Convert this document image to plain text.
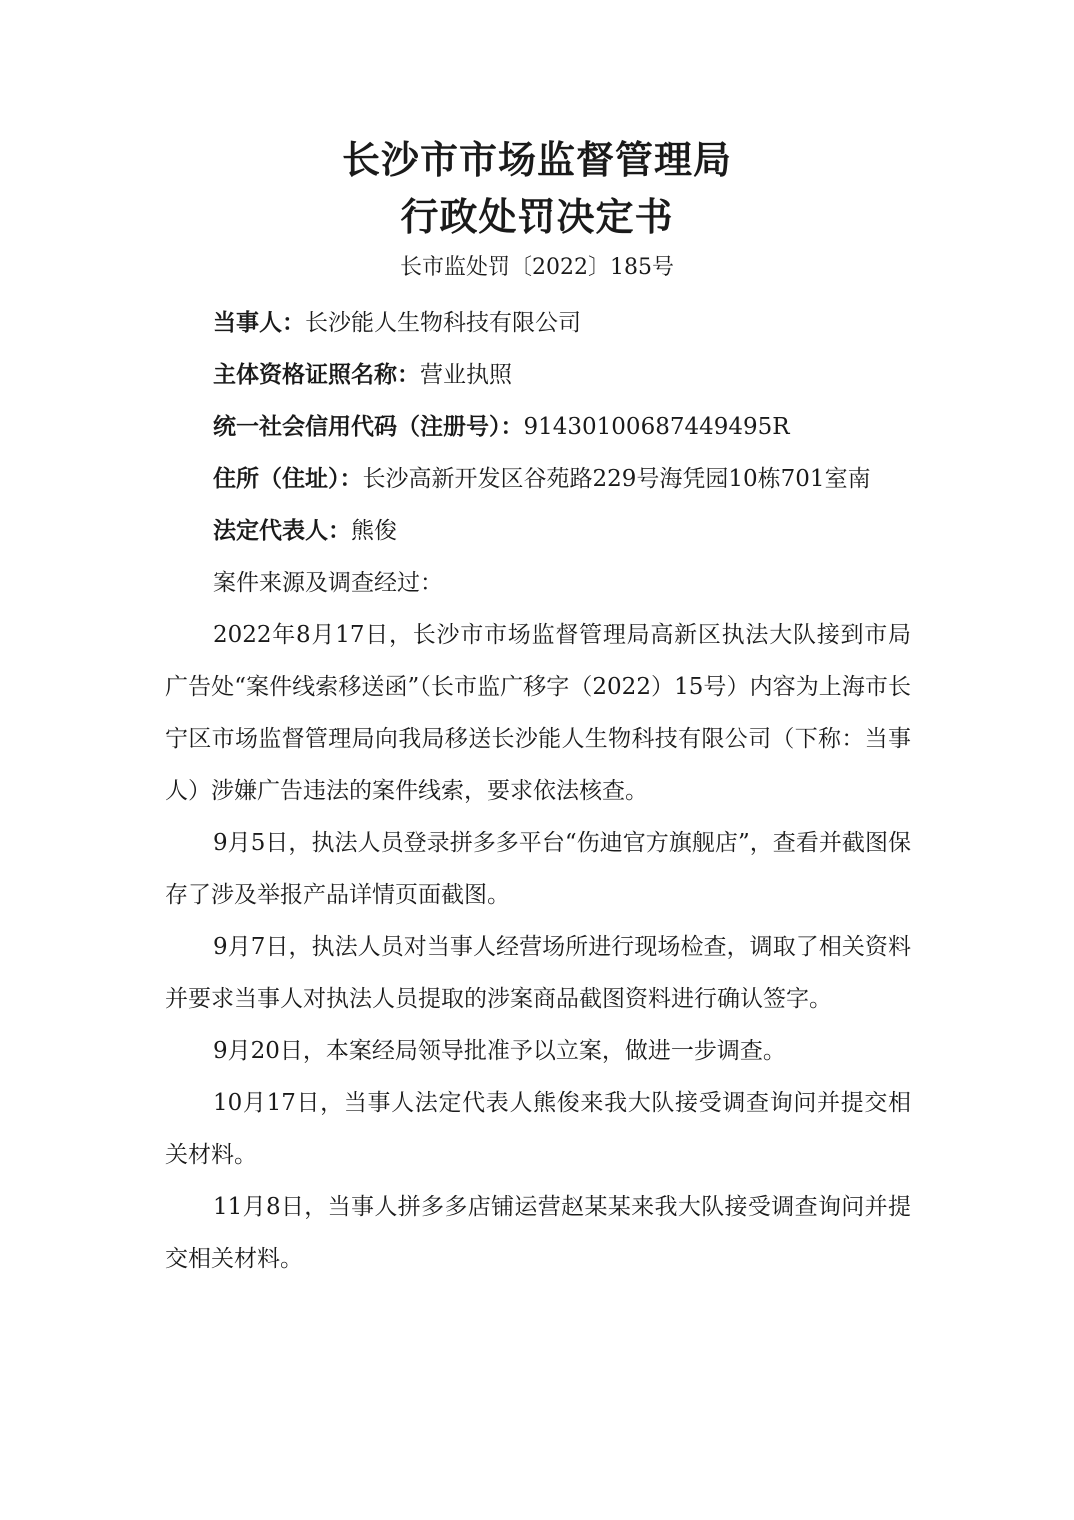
长沙市市场监督管理局
行政处罚决定书
长市监处罚〔2022〕185号

当事人：长沙能人生物科技有限公司

主体资格证照名称：营业执照

统一社会信用代码（注册号）：91430100687449495R

住所（住址）：长沙高新开发区谷苑路229号海凭园10栋701室南

法定代表人：熊俊

案件来源及调查经过：

2022年8月17日，长沙市市场监督管理局高新区执法大队接到市局广告处“案件线索移送函”（长市监广移字（2022）15号）内容为上海市长宁区市场监督管理局向我局移送长沙能人生物科技有限公司（下称：当事人）涉嫌广告违法的案件线索，要求依法核查。

9月5日，执法人员登录拼多多平台“伤迪官方旗舰店”，查看并截图保存了涉及举报产品详情页面截图。

9月7日，执法人员对当事人经营场所进行现场检查，调取了相关资料并要求当事人对执法人员提取的涉案商品截图资料进行确认签字。

9月20日，本案经局领导批准予以立案，做进一步调查。

10月17日，当事人法定代表人熊俊来我大队接受调查询问并提交相关材料。

11月8日，当事人拼多多店铺运营赵某某来我大队接受调查询问并提交相关材料。
